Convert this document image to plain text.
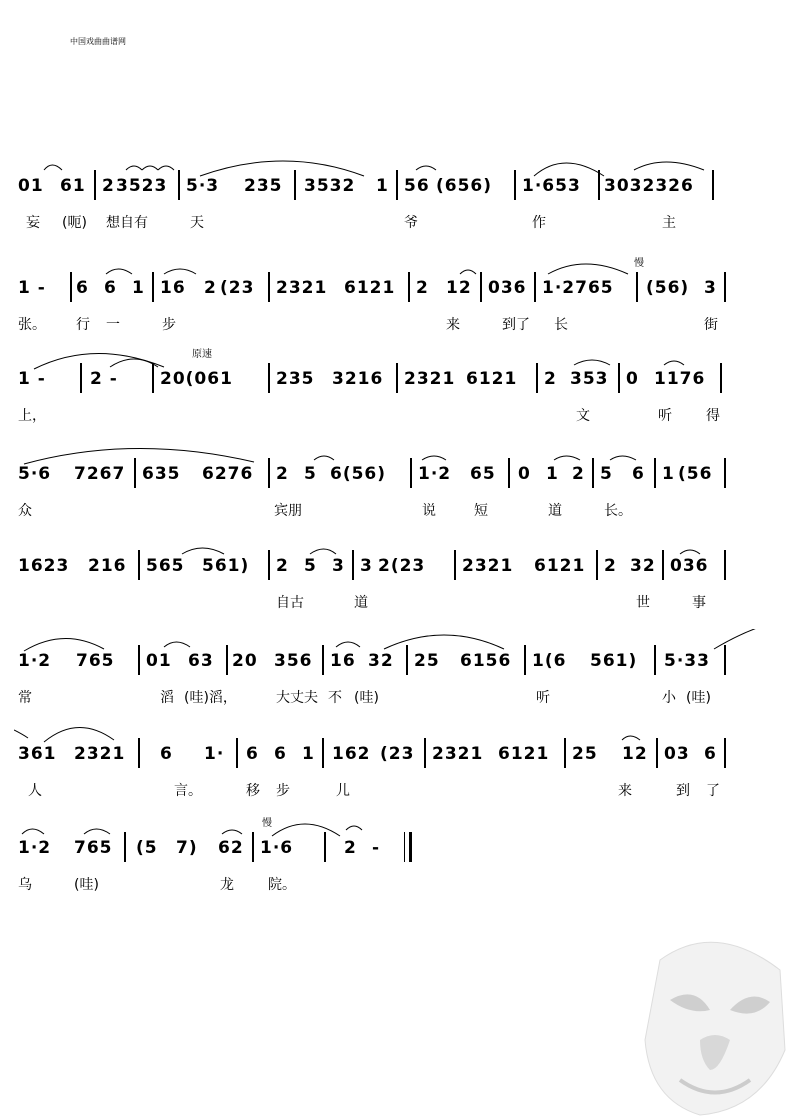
中国戏曲曲谱网
01 61 2 3523 5·3 235 3532 1 56 (656) 1·653 3032326
妄 (呃) 想自有	天	爷	作	主
慢
1 - 6 6 1 16 2 (23 2321 6121 2 12 036 1·2765 (56) 3
张。 行 一	步	来	到了 长	街
原速
1 -	2 - 20(061	235 3216 2321 6121 2 353 0 1176
上，	文	听 得
5·6 7267 635 6276 2 5 6(56) 1·2 65 0 1 2 5 6 1 (56
众	宾朋	说	短	道	长。
1623 216 565 561) 2 5 3 3 2(23 2321 6121 2 32 036
自古	道	世	事
1·2 765 01 63 20 356 16 32 25 6156 1(6 561) 5·33
常	滔 (哇)滔，	大丈夫 不 (哇)	听	小 (哇)
361 2321 6 1· 6 6 1 162 (23 2321 6121 25 12 03 6
人	言。	移 步	儿	来	到 了
慢
1·2 765 (5 7) 62 1·6	2 -
乌	(哇)	龙 院。
